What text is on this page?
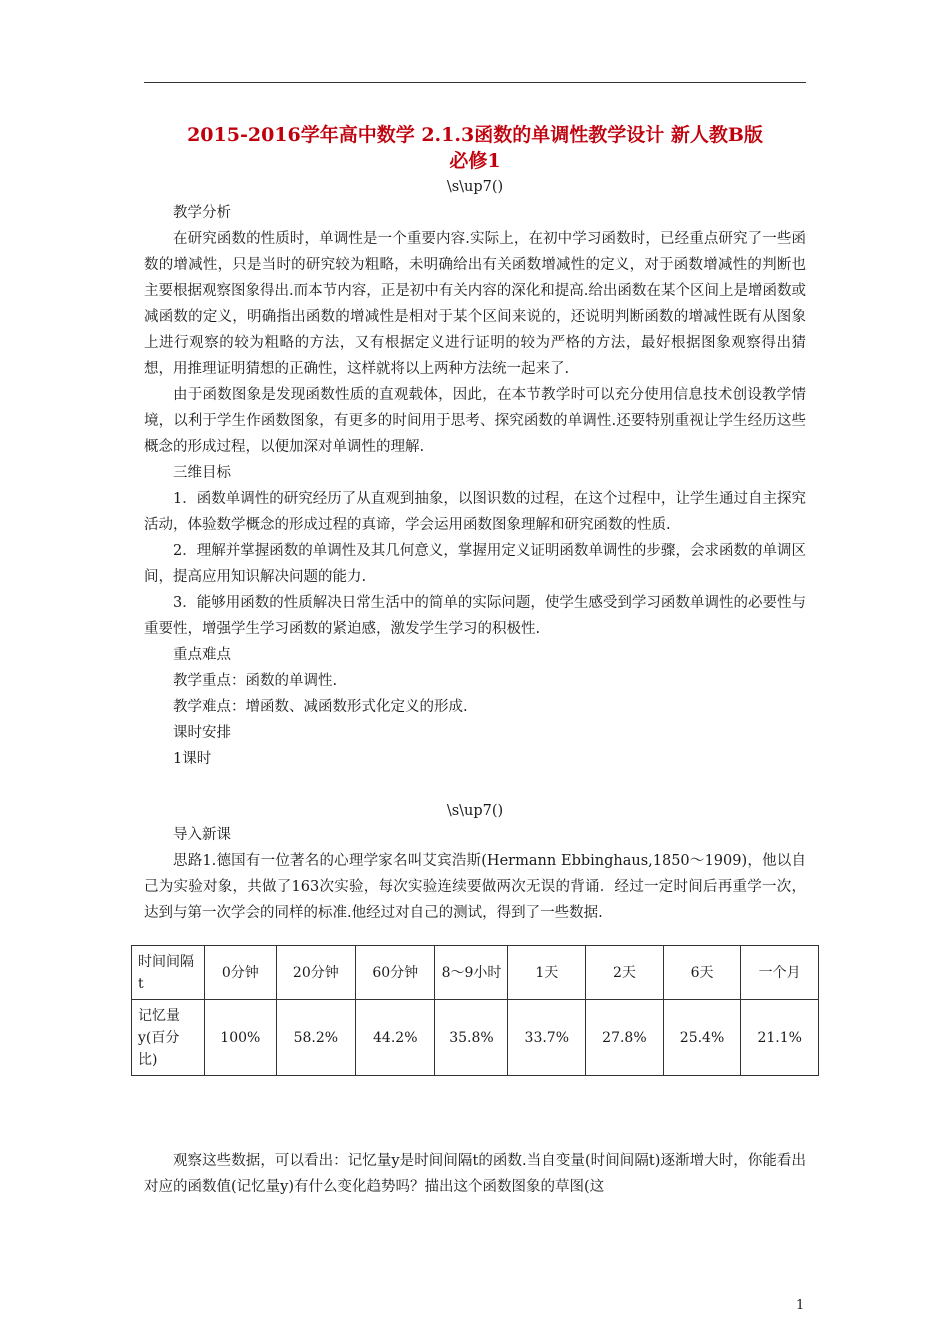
2015-2016学年高中数学 2.1.3函数的单调性教学设计 新人教B版
必修1
\s\up7()

教学分析

在研究函数的性质时，单调性是一个重要内容.实际上，在初中学习函数时，已经重点研究了一些函数的增减性，只是当时的研究较为粗略，未明确给出有关函数增减性的定义，对于函数增减性的判断也主要根据观察图象得出.而本节内容，正是初中有关内容的深化和提高.给出函数在某个区间上是增函数或减函数的定义，明确指出函数的增减性是相对于某个区间来说的，还说明判断函数的增减性既有从图象上进行观察的较为粗略的方法，又有根据定义进行证明的较为严格的方法，最好根据图象观察得出猜想，用推理证明猜想的正确性，这样就将以上两种方法统一起来了.

由于函数图象是发现函数性质的直观载体，因此，在本节教学时可以充分使用信息技术创设教学情境，以利于学生作函数图象，有更多的时间用于思考、探究函数的单调性.还要特别重视让学生经历这些概念的形成过程，以便加深对单调性的理解.

三维目标

1．函数单调性的研究经历了从直观到抽象，以图识数的过程，在这个过程中，让学生通过自主探究活动，体验数学概念的形成过程的真谛，学会运用函数图象理解和研究函数的性质.

2．理解并掌握函数的单调性及其几何意义，掌握用定义证明函数单调性的步骤，会求函数的单调区间，提高应用知识解决问题的能力.

3．能够用函数的性质解决日常生活中的简单的实际问题，使学生感受到学习函数单调性的必要性与重要性，增强学生学习函数的紧迫感，激发学生学习的积极性.

重点难点

教学重点：函数的单调性.

教学难点：增函数、减函数形式化定义的形成.

课时安排

1课时

\s\up7()

导入新课

思路1.德国有一位著名的心理学家名叫艾宾浩斯(Hermann Ebbinghaus,1850～1909)，他以自己为实验对象，共做了163次实验，每次实验连续要做两次无误的背诵．经过一定时间后再重学一次，达到与第一次学会的同样的标准.他经过对自己的测试，得到了一些数据.

时间间隔t	0分钟	20分钟	60分钟	8～9小时	1天	2天	6天	一个月
记忆量y(百分比)	100%	58.2%	44.2%	35.8%	33.7%	27.8%	25.4%	21.1%

观察这些数据，可以看出：记忆量y是时间间隔t的函数.当自变量(时间间隔t)逐渐增大时，你能看出对应的函数值(记忆量y)有什么变化趋势吗？描出这个函数图象的草图(这

1
